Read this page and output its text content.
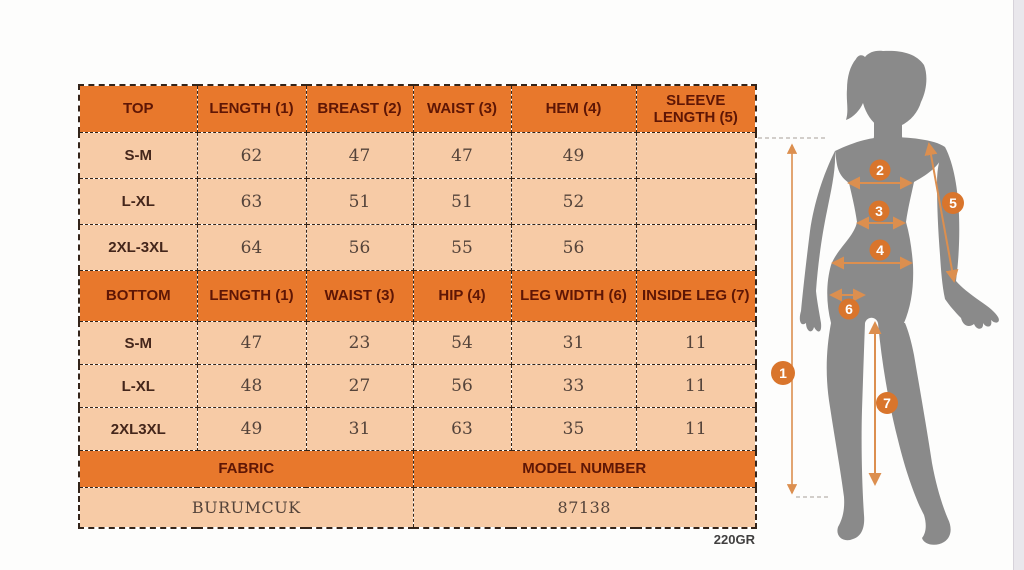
TOP	LENGTH (1)	BREAST (2)	WAIST (3)	HEM (4)	SLEEVE LENGTH (5)
S-M	62	47	47	49	
L-XL	63	51	51	52	
2XL-3XL	64	56	55	56	
BOTTOM	LENGTH (1)	WAIST (3)	HIP (4)	LEG WIDTH (6)	INSIDE LEG (7)
S-M	47	23	54	31	11
L-XL	48	27	56	33	11
2XL3XL	49	31	63	35	11
FABRIC			MODEL NUMBER		
BURUMCUK			87138		
220GR
1
2
3
4
5
6
7
